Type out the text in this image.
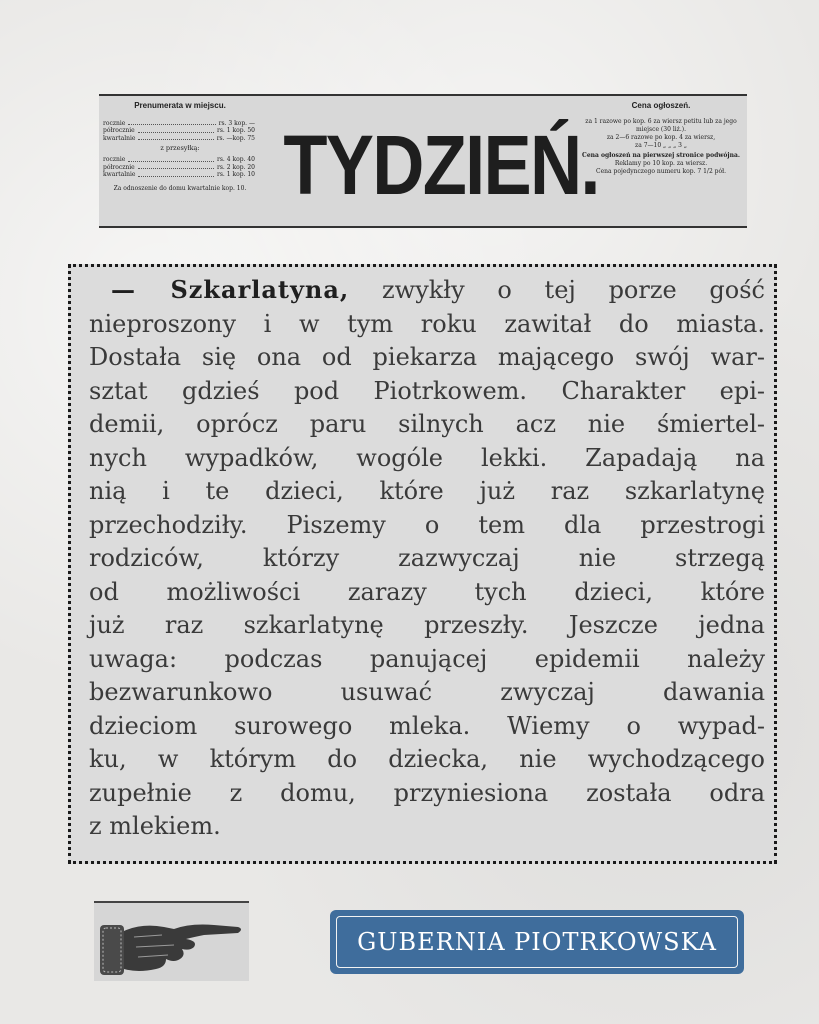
Prenumerata w miejscu.
rocznie	rs. 3 kop. —
półrocznie	rs. 1 kop. 50
kwartalnie	rs. —kop. 75
z przesyłką:
rocznie	rs. 4 kop. 40
półrocznie	rs. 2 kop. 20
kwartalnie	rs. 1 kop. 10
Za odnoszenie do domu kwartalnie kop. 10. TYDZIEŃ.
Cena ogłoszeń.
za 1 razowe po kop. 6 za wiersz petitu lub za jego miejsce (30 liż.).
za 2—6 razowe po kop. 4 za wiersz,
za 7—10 „ „ „ 3 „
Cena ogłoszeń na pierwszej stronice podwójna.
Reklamy po 10 kop. za wiersz.
Cena pojedynczego numeru kop. 7 1/2 pół.
— Szkarlatyna, zwykły o tej porze gość
nieproszony i w tym roku zawitał do miasta.
Dostała się ona od piekarza mającego swój war-
sztat gdzieś pod Piotrkowem. Charakter epi-
demii, oprócz paru silnych acz nie śmiertel-
nych wypadków, wogóle lekki. Zapadają na
nią i te dzieci, które już raz szkarlatynę
przechodziły. Piszemy o tem dla przestrogi
rodziców, którzy zazwyczaj nie strzegą
od możliwości zarazy tych dzieci, które
już raz szkarlatynę przeszły. Jeszcze jedna
uwaga: podczas panującej epidemii należy
bezwarunkowo usuwać zwyczaj dawania
dzieciom surowego mleka. Wiemy o wypad-
ku, w którym do dziecka, nie wychodzącego
zupełnie z domu, przyniesiona została odra
z mlekiem.
GUBERNIA PIOTRKOWSKA
